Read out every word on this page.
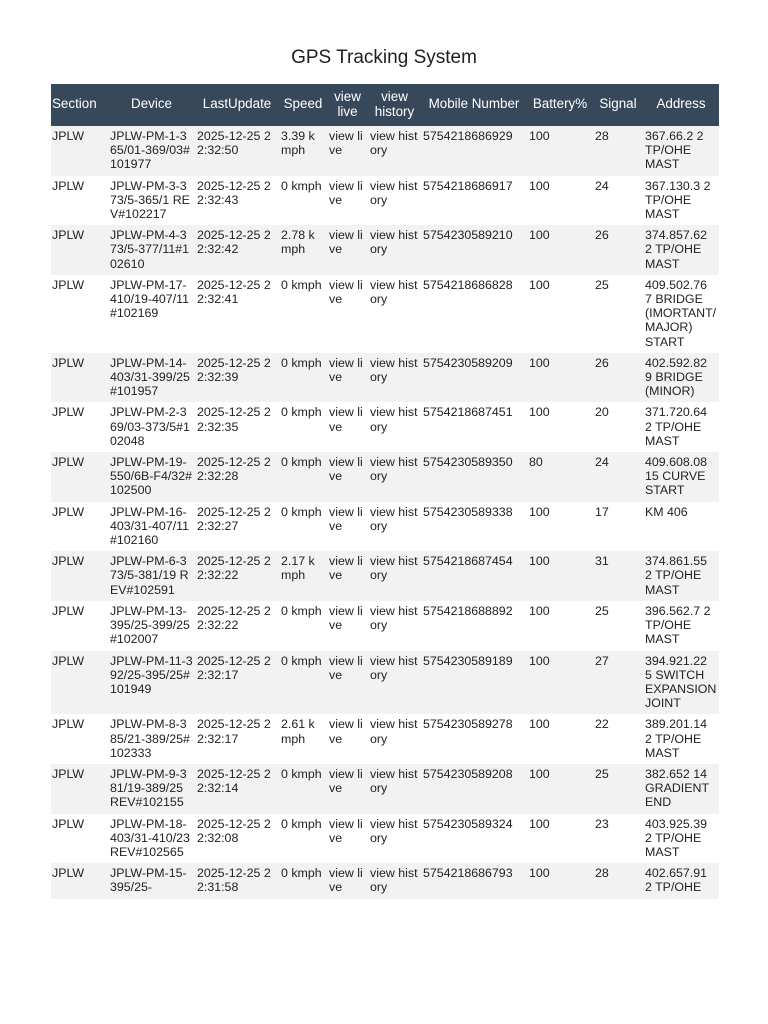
GPS Tracking System
Section	Device	LastUpdate	Speed	view live	view history	Mobile Number	Battery%	Signal	Address
JPLW	JPLW-PM-1-365/01-369/03#101977	2025-12-25 22:32:50	3.39 kmph	view live	view history	5754218686929	100	28	367.66.2 2 TP/OHE MAST
JPLW	JPLW-PM-3-373/5-365/1 REV#102217	2025-12-25 22:32:43	0 kmph	view live	view history	5754218686917	100	24	367.130.3 2 TP/OHE MAST
JPLW	JPLW-PM-4-373/5-377/11#102610	2025-12-25 22:32:42	2.78 kmph	view live	view history	5754230589210	100	26	374.857.62 2 TP/OHE MAST
JPLW	JPLW-PM-17-410/19-407/11#102169	2025-12-25 22:32:41	0 kmph	view live	view history	5754218686828	100	25	409.502.76 7 BRIDGE (IMORTANT/ MAJOR) START
JPLW	JPLW-PM-14-403/31-399/25#101957	2025-12-25 22:32:39	0 kmph	view live	view history	5754230589209	100	26	402.592.82 9 BRIDGE (MINOR)
JPLW	JPLW-PM-2-369/03-373/5#102048	2025-12-25 22:32:35	0 kmph	view live	view history	5754218687451	100	20	371.720.64 2 TP/OHE MAST
JPLW	JPLW-PM-19-550/6B-F4/32#102500	2025-12-25 22:32:28	0 kmph	view live	view history	5754230589350	80	24	409.608.08 15 CURVE START
JPLW	JPLW-PM-16-403/31-407/11#102160	2025-12-25 22:32:27	0 kmph	view live	view history	5754230589338	100	17	KM 406
JPLW	JPLW-PM-6-373/5-381/19 REV#102591	2025-12-25 22:32:22	2.17 kmph	view live	view history	5754218687454	100	31	374.861.55 2 TP/OHE MAST
JPLW	JPLW-PM-13-395/25-399/25#102007	2025-12-25 22:32:22	0 kmph	view live	view history	5754218688892	100	25	396.562.7 2 TP/OHE MAST
JPLW	JPLW-PM-11-392/25-395/25#101949	2025-12-25 22:32:17	0 kmph	view live	view history	5754230589189	100	27	394.921.22 5 SWITCH EXPANSION JOINT
JPLW	JPLW-PM-8-385/21-389/25#102333	2025-12-25 22:32:17	2.61 kmph	view live	view history	5754230589278	100	22	389.201.14 2 TP/OHE MAST
JPLW	JPLW-PM-9-381/19-389/25 REV#102155	2025-12-25 22:32:14	0 kmph	view live	view history	5754230589208	100	25	382.652 14 GRADIENT END
JPLW	JPLW-PM-18-403/31-410/23 REV#102565	2025-12-25 22:32:08	0 kmph	view live	view history	5754230589324	100	23	403.925.39 2 TP/OHE MAST
JPLW	JPLW-PM-15-395/25-	2025-12-25 22:31:58	0 kmph	view live	view history	5754218686793	100	28	402.657.91 2 TP/OHE
